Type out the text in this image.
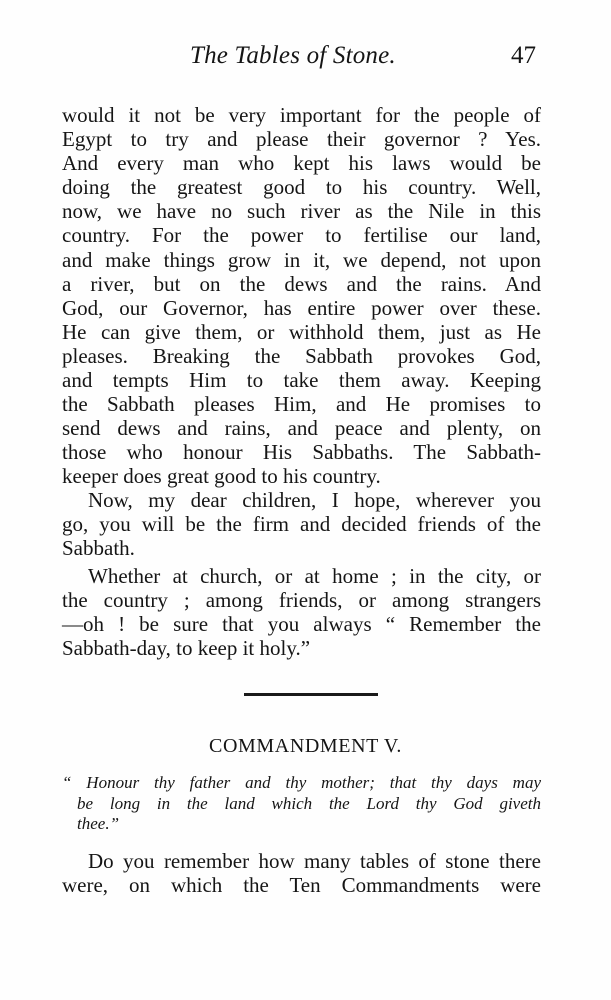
The Tables of Stone.	47
would it not be very important for the people of
Egypt to try and please their governor ? Yes.
And every man who kept his laws would be
doing the greatest good to his country. Well,
now, we have no such river as the Nile in this
country. For the power to fertilise our land,
and make things grow in it, we depend, not upon
a river, but on the dews and the rains. And
God, our Governor, has entire power over these.
He can give them, or withhold them, just as He
pleases. Breaking the Sabbath provokes God,
and tempts Him to take them away. Keeping
the Sabbath pleases Him, and He promises to
send dews and rains, and peace and plenty, on
those who honour His Sabbaths. The Sabbath-
keeper does great good to his country.
Now, my dear children, I hope, wherever you
go, you will be the firm and decided friends of the
Sabbath.
Whether at church, or at home ; in the city, or
the country ; among friends, or among strangers
—oh ! be sure that you always “ Remember the
Sabbath-day, to keep it holy.”
COMMANDMENT V.
“ Honour thy father and thy mother; that thy days may
be long in the land which the Lord thy God giveth
thee.”
Do you remember how many tables of stone there
were, on which the Ten Commandments were
